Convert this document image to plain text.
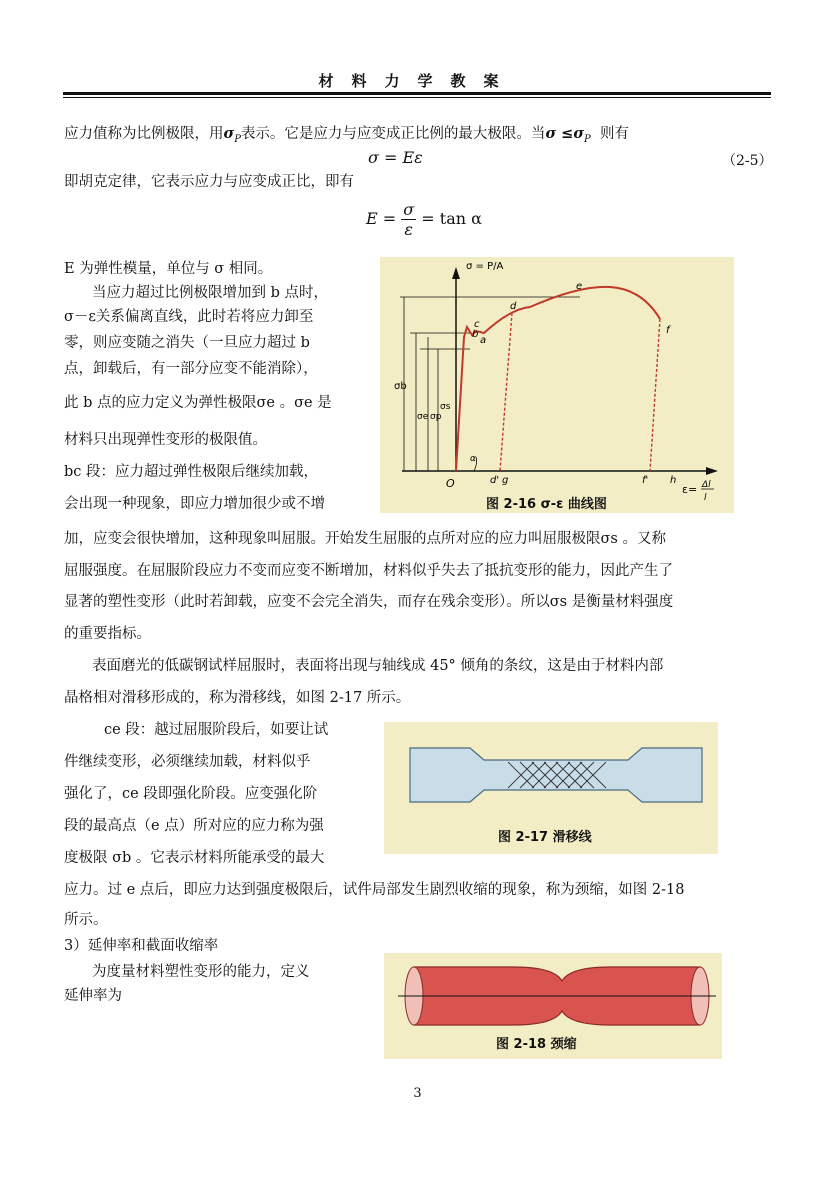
材料力学教案
应力值称为比例极限，用$\sigma_P$表示。它是应力与应变成正比例的最大极限。当$\sigma \le\sigma_P$ 则有
σ = Eε	（2-5）
即胡克定律，它表示应力与应变成正比，即有
$E = \frac{\sigma}{\varepsilon} = \tan \alpha$
E 为弹性模量，单位与 σ 相同。
当应力超过比例极限增加到 b 点时，
σ－ε关系偏离直线，此时若将应力卸至
零，则应变随之消失（一旦应力超过 b
点，卸载后，有一部分应变不能消除），
此 b 点的应力定义为弹性极限σe 。σe 是
材料只出现弹性变形的极限值。
bc 段：应力超过弹性极限后继续加载，
会出现一种现象，即应力增加很少或不增
σ = P/A
a
b
c
d
e
f
σb
σe σp
σs
α
O	d' g	f' h
ε= Δl
l
图 2-16 σ-ε 曲线图
加，应变会很快增加，这种现象叫屈服。开始发生屈服的点所对应的应力叫屈服极限σs 。又称
屈服强度。在屈服阶段应力不变而应变不断增加，材料似乎失去了抵抗变形的能力，因此产生了
显著的塑性变形（此时若卸载，应变不会完全消失，而存在残余变形）。所以σs 是衡量材料强度
的重要指标。
表面磨光的低碳钢试样屈服时，表面将出现与轴线成 45° 倾角的条纹，这是由于材料内部
晶格相对滑移形成的，称为滑移线，如图 2-17 所示。
ce 段：越过屈服阶段后，如要让试
件继续变形，必须继续加载，材料似乎
强化了，ce 段即强化阶段。应变强化阶
段的最高点（e 点）所对应的应力称为强
度极限 σb 。它表示材料所能承受的最大
图 2-17 滑移线
应力。过 e 点后，即应力达到强度极限后，试件局部发生剧烈收缩的现象，称为颈缩，如图 2-18
所示。
3）延伸率和截面收缩率
为度量材料塑性变形的能力，定义
延伸率为
图 2-18 颈缩
3
